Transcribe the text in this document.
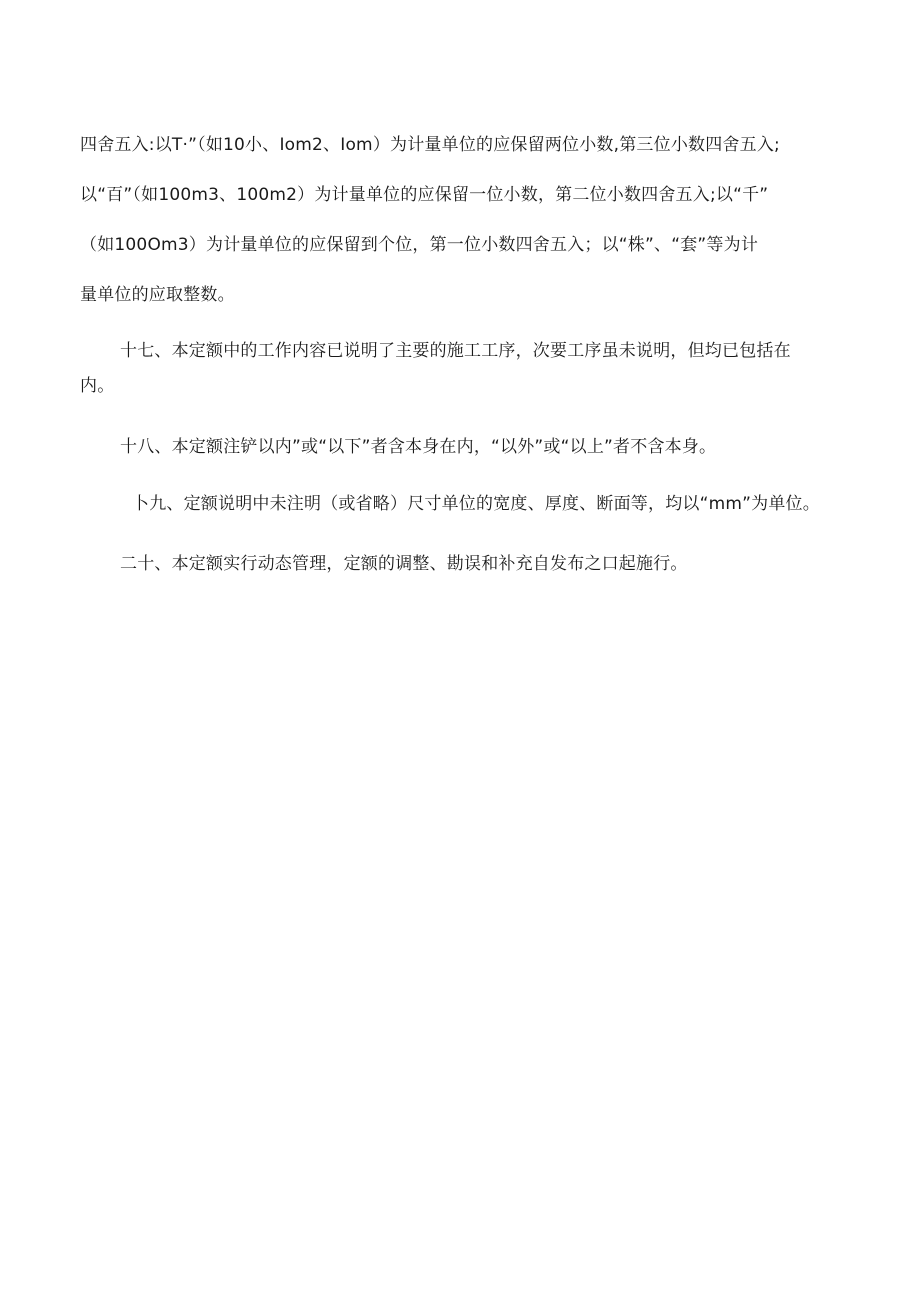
四舍五入:以T·”（如10小、Iom2、Iom）为计量单位的应保留两位小数,第三位小数四舍五入;
以“百”（如100m3、100m2）为计量单位的应保留一位小数，第二位小数四舍五入;以“千”
（如100Om3）为计量单位的应保留到个位，第一位小数四舍五入；以“株”、“套”等为计
量单位的应取整数。
十七、本定额中的工作内容已说明了主要的施工工序，次要工序虽未说明，但均已包括在
内。
十八、本定额注铲以内”或“以下”者含本身在内，“以外”或“以上”者不含本身。
卜九、定额说明中未注明（或省略）尺寸单位的宽度、厚度、断面等，均以“mm”为单位。
二十、本定额实行动态管理，定额的调整、勘误和补充自发布之口起施行。
